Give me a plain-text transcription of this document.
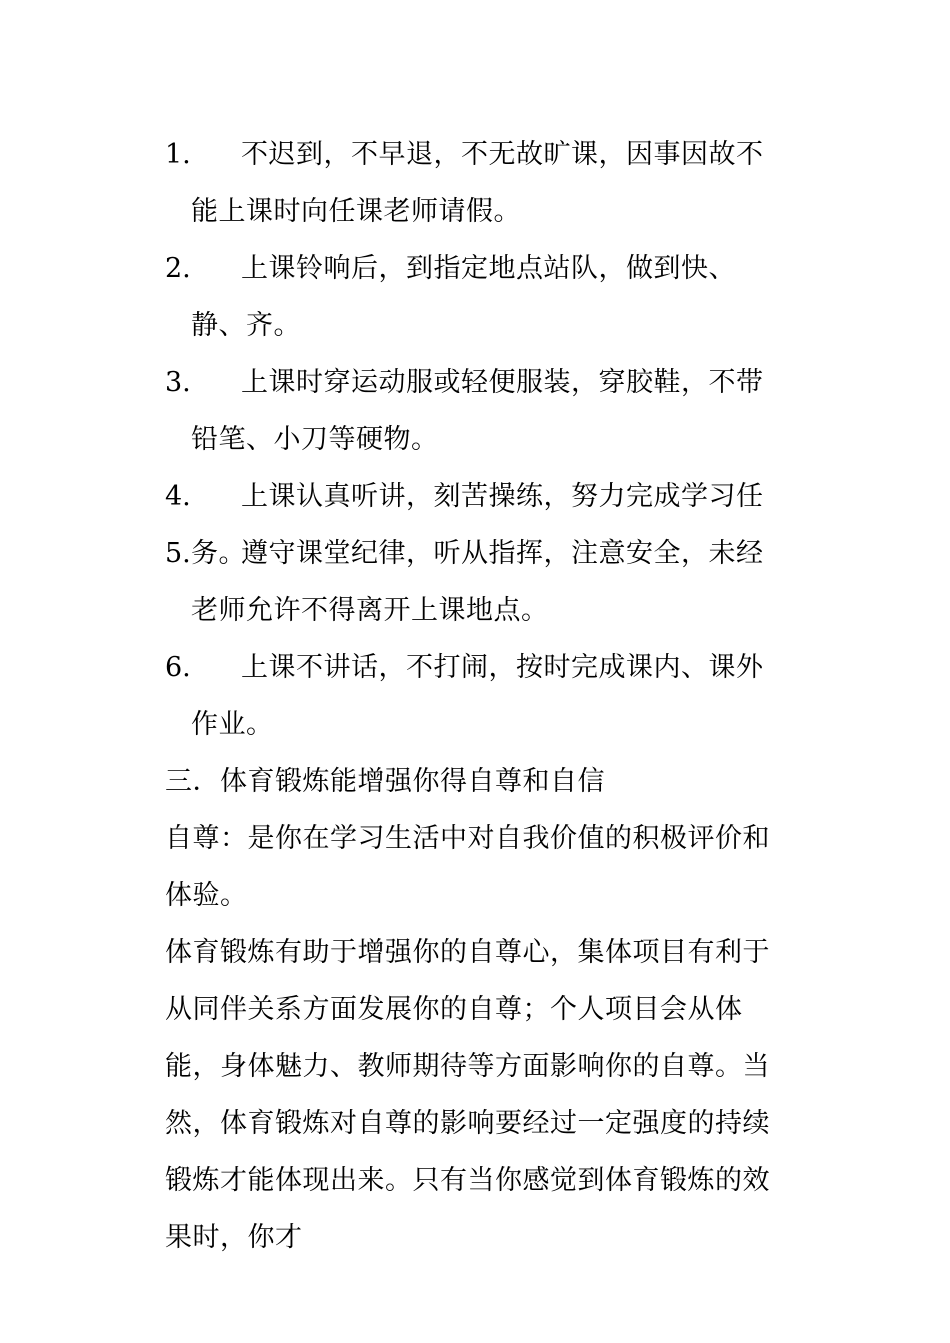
1.	不迟到，不早退，不无故旷课，因事因故不能上课时向任课老师请假。
2.	上课铃响后，到指定地点站队，做到快、静、齐。
3.	上课时穿运动服或轻便服装，穿胶鞋，不带铅笔、小刀等硬物。
4.	上课认真听讲，刻苦操练，努力完成学习任务。
5.	遵守课堂纪律，听从指挥，注意安全，未经老师允许不得离开上课地点。
6.	上课不讲话，不打闹，按时完成课内、课外作业。
三．体育锻炼能增强你得自尊和自信
自尊：是你在学习生活中对自我价值的积极评价和体验。
体育锻炼有助于增强你的自尊心，集体项目有利于从同伴关系方面发展你的自尊；个人项目会从体能，身体魅力、教师期待等方面影响你的自尊。当然，体育锻炼对自尊的影响要经过一定强度的持续锻炼才能体现出来。只有当你感觉到体育锻炼的效果时，你才
